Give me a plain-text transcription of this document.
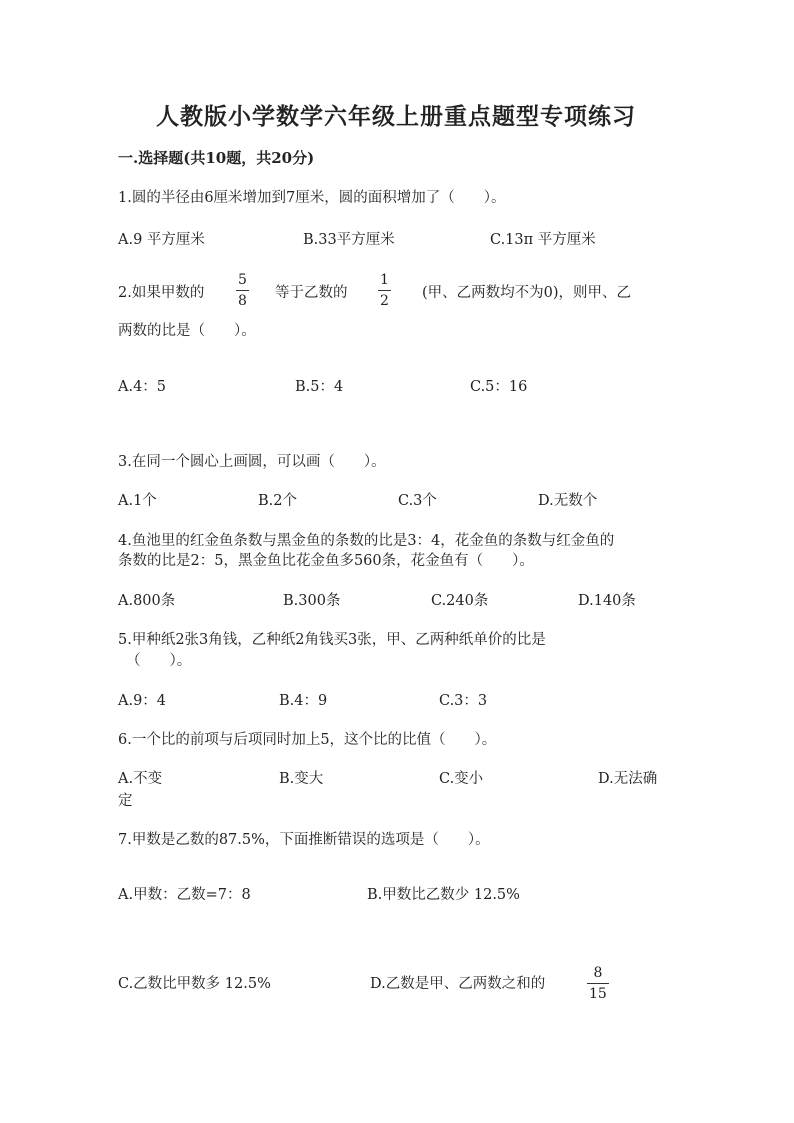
人教版小学数学六年级上册重点题型专项练习
一.选择题(共10题，共20分)
1.圆的半径由6厘米增加到7厘米，圆的面积增加了（　　）。
A.9 平方厘米	B.33平方厘米	C.13π 平方厘米
2.如果甲数的
5
8 等于乙数的
1
2 (甲、乙两数均不为0)，则甲、乙
两数的比是（　　）。
A.4：5	B.5：4	C.5：16
3.在同一个圆心上画圆，可以画（　　）。
A.1个	B.2个	C.3个	D.无数个
4.鱼池里的红金鱼条数与黑金鱼的条数的比是3：4，花金鱼的条数与红金鱼的
条数的比是2：5，黑金鱼比花金鱼多560条，花金鱼有（　　）。
A.800条	B.300条	C.240条	D.140条
5.甲种纸2张3角钱，乙种纸2角钱买3张，甲、乙两种纸单价的比是
（　　）。
A.9：4	B.4：9	C.3：3
6.一个比的前项与后项同时加上5，这个比的比值（　　）。
A.不变	B.变大	C.变小	D.无法确
定
7.甲数是乙数的87.5%，下面推断错误的选项是（　　）。
A.甲数：乙数=7：8	B.甲数比乙数少 12.5%
C.乙数比甲数多 12.5%	D.乙数是甲、乙两数之和的
8
15
